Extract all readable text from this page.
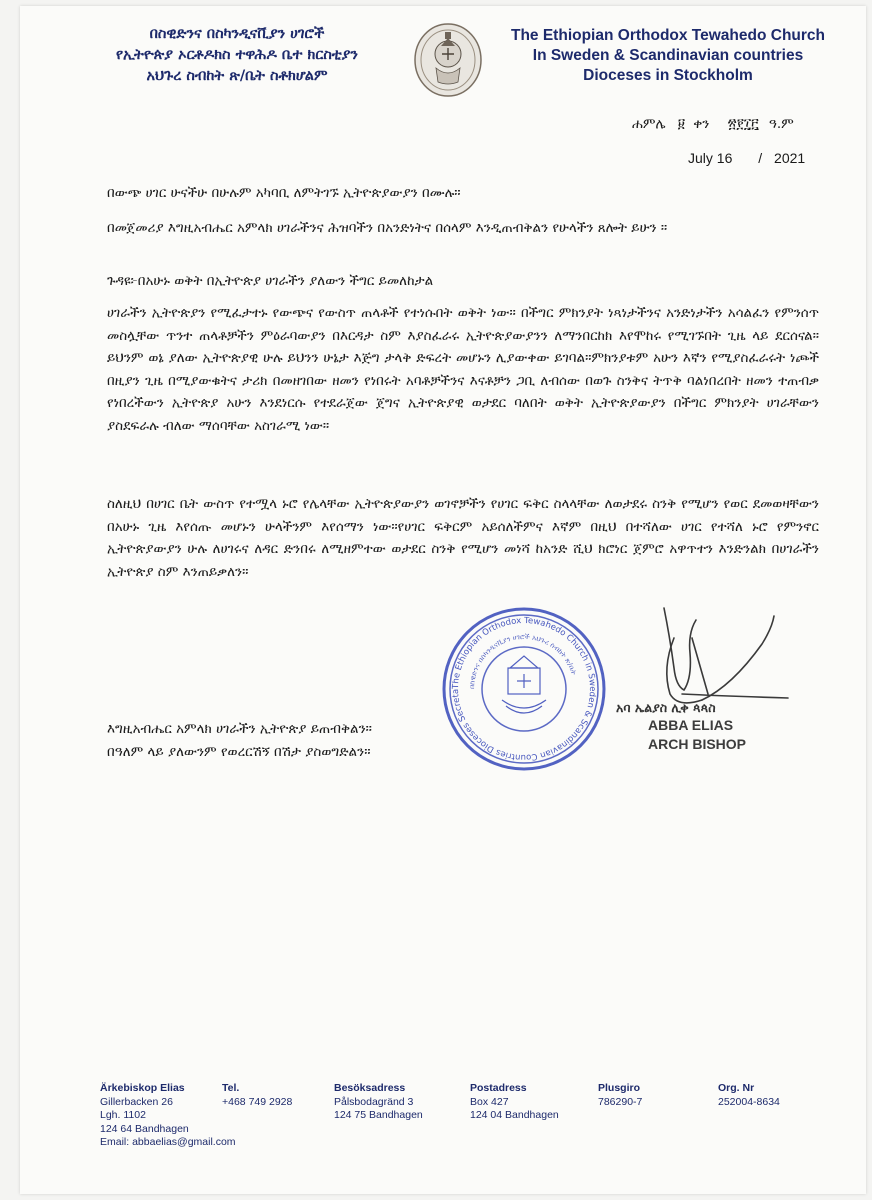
በስዊድንና በስካንዲናቪያን ሀገሮች
የኢትዮጵያ ኦርቶዶክስ ተዋሕዶ ቤተ ክርስቲያን
አህጉረ ስብከት ጽ/ቤት ስቶክሆልም
The Ethiopian Orthodox Tewahedo Church
In Sweden & Scandinavian countries
Dioceses in Stockholm
ሐምሌ ፱ ቀን ፳፻፲፫ ዓ.ም
July 16 / 2021
በውጭ ሀገር ሁናችሁ በሁሉም አካባቢ ለምትገኙ ኢትዮጵያውያን በሙሉ።
በመጀመሪያ እግዚአብሔር አምላክ ሀገራችንና ሕዝባችን በአንድነትና በሰላም እንዲጠብቅልን የሁላችን ጸሎት ይሁን ።
ጉዳዩ፦በአሁኑ ወቅት በኢትዮጵያ ሀገራችን ያለውን ችግር ይመለከታል
ሀገራችን ኢትዮጵያን የሚፈታተኑ የውጭና የውስጥ ጠላቶች የተነሱበት ወቅት ነው። በችግር ምክንያት ነጻነታችንና አንድነታችን አሳልፈን የምንሰጥ መስሏቸው ጥንተ ጠላቶቻችን ምዕራባውያን በእርዳታ ስም እያስፈራሩ ኢትዮጵያውያንን ለማንበርከክ እየሞከሩ የሚገኙበት ጊዜ ላይ ደርሰናል። ይህንም ወኔ ያለው ኢትዮጵያዊ ሁሉ ይህንን ሁኔታ እጅግ ታላቅ ድፍረት መሆኑን ሊያውቀው ይገባል።ምክንያቱም አሁን እኛን የሚያስፈራሩት ነጮች በዚያን ጊዜ በሚያውቁትና ታሪክ በመዘገበው ዘመን የነበሩት አባቶቻችንና እናቶቻን ጋቢ ለብሰው በወጉ ስንቅና ትጥቅ ባልነበረበት ዘመን ተጠብቃ የነበረችውን ኢትዮጵያ አሁን እንደነርሱ የተደራጀው ጀግና ኢትዮጵያዊ ወታደር ባለበት ወቅት ኢትዮጵያውያን በችግር ምክንያት ሀገራቸውን ያስደፍራሉ ብለው ማሰባቸው አስገራሚ ነው።
ስለዚህ በሀገር ቤት ውስጥ የተሟላ ኑሮ የሌላቸው ኢትዮጵያውያን ወገኖቻችን የሀገር ፍቅር ስላላቸው ለወታደሩ ስንቅ የሚሆን የወር ደመወዛቸውን በአሁኑ ጊዜ እየሰጡ መሆኑን ሁላችንም እየሰማን ነው።የሀገር ፍቅርም አይሰለችምና እኛም በዚህ በተሻለው ሀገር የተሻለ ኑሮ የምንኖር ኢትዮጵያውያን ሁሉ ለሀገሩና ለዳር ድንበሩ ለሚዘምተው ወታደር ስንቅ የሚሆን መነሻ ከአንድ ሺህ ክሮነር ጀምሮ አዋጥተን እንድንልክ በሀገራችን ኢትዮጵያ ስም እንጠይቃለን።
The Ethiopian Orthodox Tewahedo Church in Sweden & Scandinavian Countries Dioceses Secreta
በስዊድንና በስካንዲናቪያን ሀገሮች አህጉረ ስብከት ጽ/ቤት
አባ ኤልያስ ሊቀ ጳጳስ
ABBA ELIAS
ARCH BISHOP
እግዚአብሔር አምላክ ሀገራችን ኢትዮጵያ ይጠብቅልን።
በዓለም ላይ ያለውንም የወረርሽኝ በሽታ ያስወግድልን።
Ärkebiskop Elias
Gillerbacken 26
Lgh. 1102
124 64 Bandhagen
Email: abbaelias@gmail.com
Tel.
+468 749 2928
Besöksadress
Pålsbodagränd 3
124 75 Bandhagen
Postadress
Box 427
124 04 Bandhagen
Plusgiro
786290-7
Org. Nr
252004-8634
